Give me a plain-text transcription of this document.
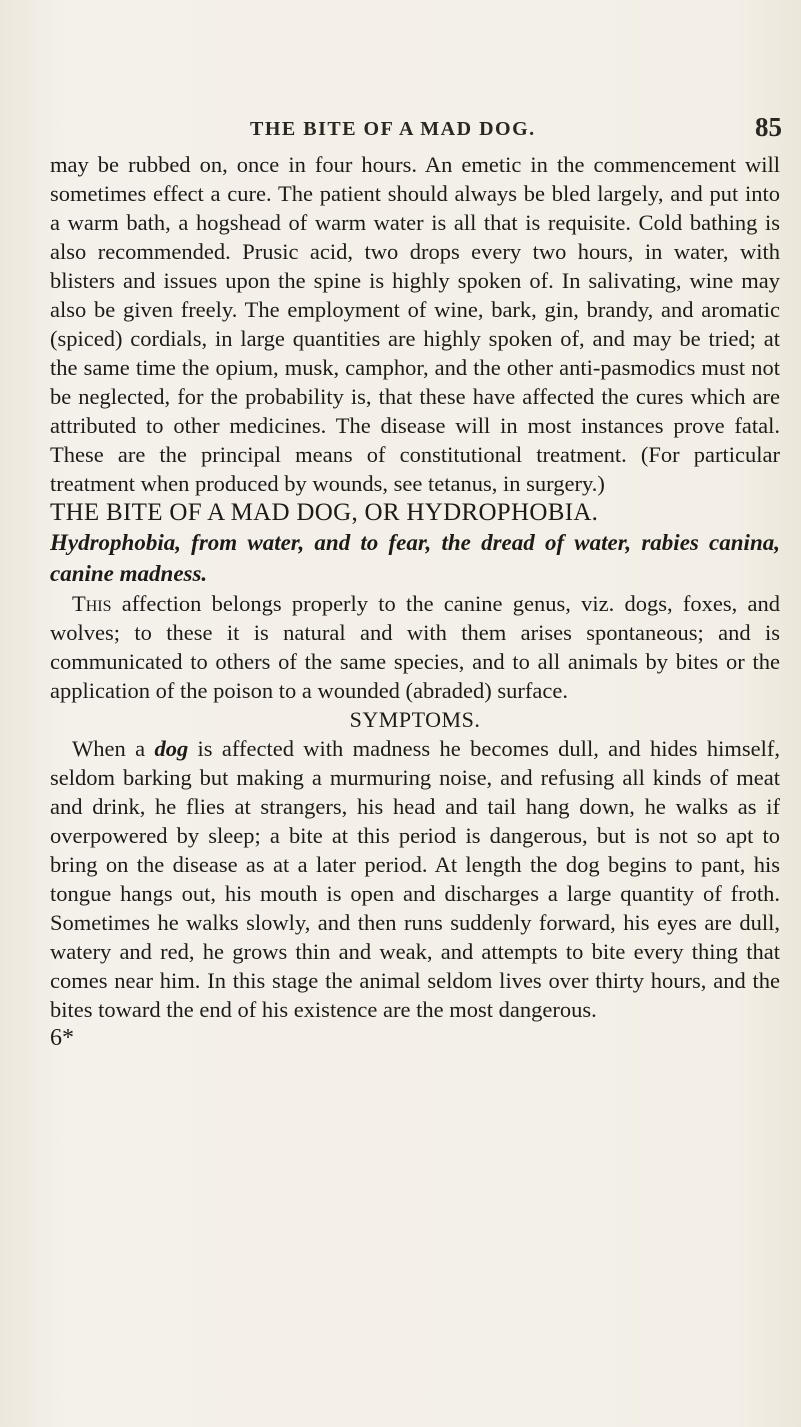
THE BITE OF A MAD DOG.	85

may be rubbed on, once in four hours. An emetic in the commencement will sometimes effect a cure. The patient should always be bled largely, and put into a warm bath, a hogshead of warm water is all that is requisite. Cold bathing is also recommended. Prusic acid, two drops every two hours, in water, with blisters and issues upon the spine is highly spoken of. In salivating, wine may also be given freely. The employment of wine, bark, gin, brandy, and aromatic (spiced) cordials, in large quantities are highly spoken of, and may be tried; at the same time the opium, musk, camphor, and the other anti-pasmodics must not be neglected, for the probability is, that these have affected the cures which are attributed to other medicines. The disease will in most instances prove fatal. These are the principal means of constitutional treatment. (For particular treatment when produced by wounds, see tetanus, in surgery.)

THE BITE OF A MAD DOG, OR HYDROPHOBIA.

Hydrophobia, from water, and to fear, the dread of water, rabies canina, canine madness.

This affection belongs properly to the canine genus, viz. dogs, foxes, and wolves; to these it is natural and with them arises spontaneous; and is communicated to others of the same species, and to all animals by bites or the application of the poison to a wounded (abraded) surface.

SYMPTOMS.

When a dog is affected with madness he becomes dull, and hides himself, seldom barking but making a murmuring noise, and refusing all kinds of meat and drink, he flies at strangers, his head and tail hang down, he walks as if overpowered by sleep; a bite at this period is dangerous, but is not so apt to bring on the disease as at a later period. At length the dog begins to pant, his tongue hangs out, his mouth is open and discharges a large quantity of froth. Sometimes he walks slowly, and then runs suddenly forward, his eyes are dull, watery and red, he grows thin and weak, and attempts to bite every thing that comes near him. In this stage the animal seldom lives over thirty hours, and the bites toward the end of his existence are the most dangerous.

6*
